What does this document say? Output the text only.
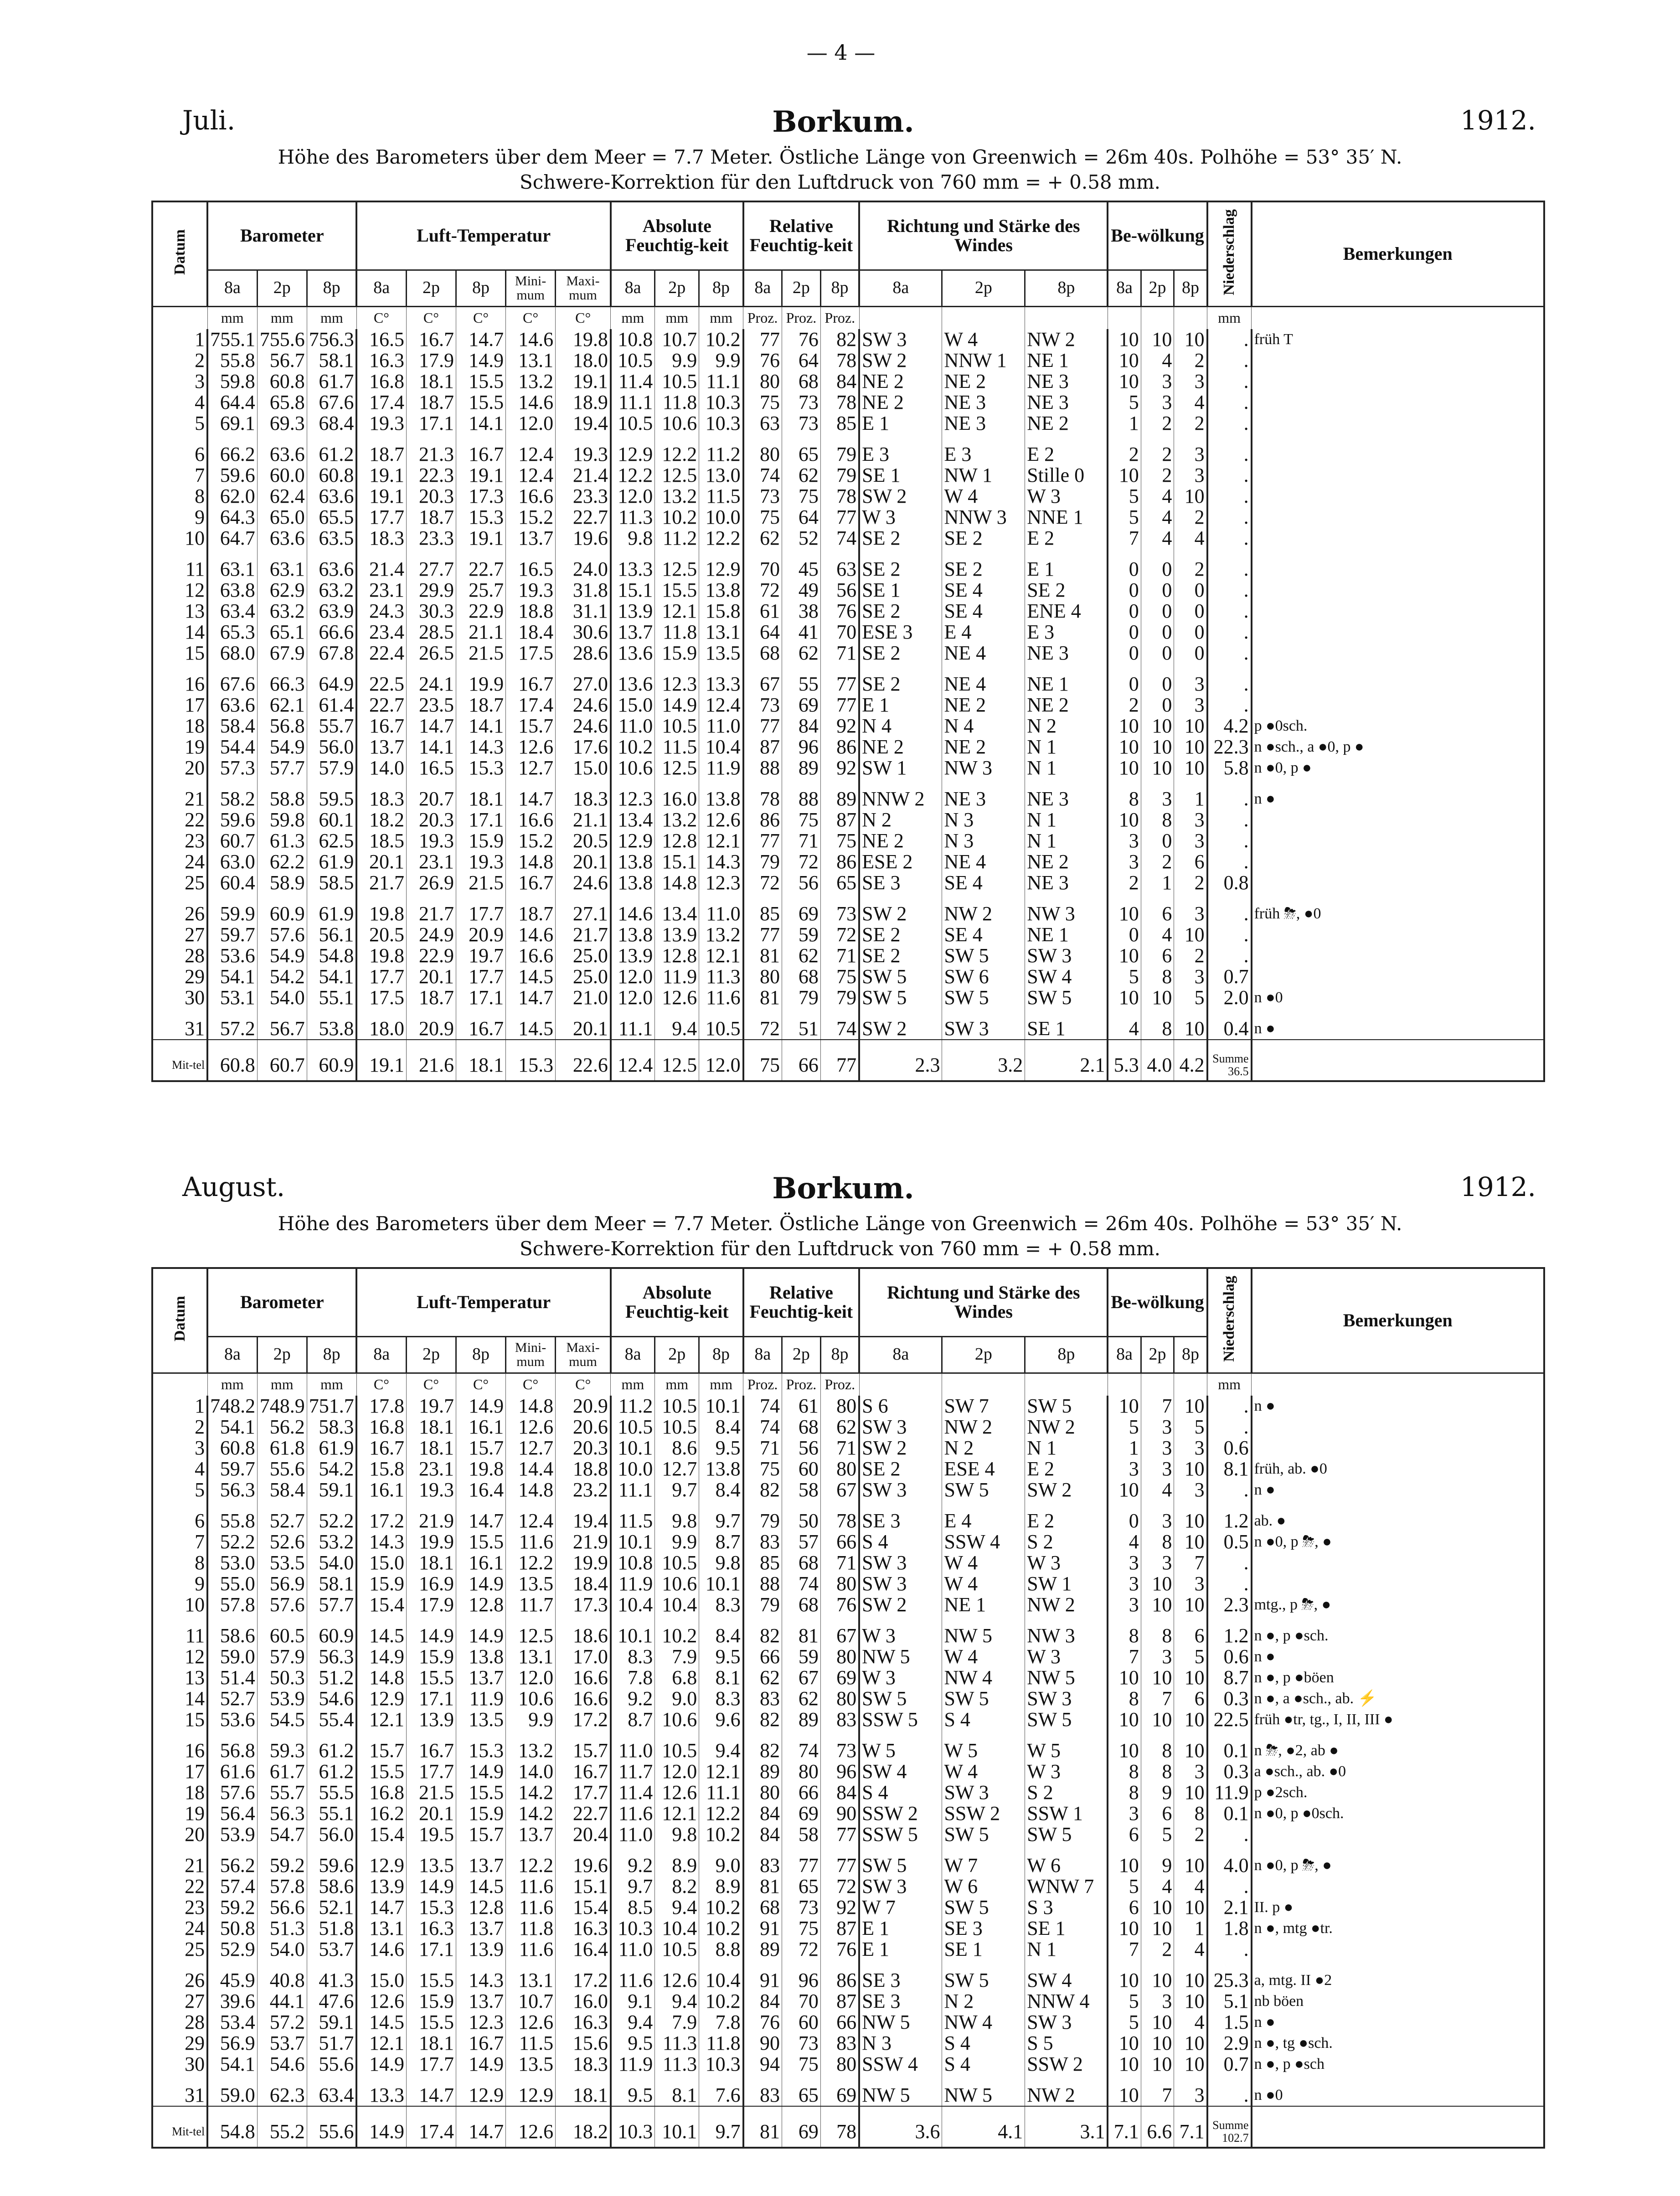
— 4 —
Juli.	Borkum.	1912.
Höhe des Barometers über dem Meer = 7.7 Meter. Östliche Länge von Greenwich = 26m 40s. Polhöhe = 53° 35′ N.
Schwere-Korrektion für den Luftdruck von 760 mm = + 0.58 mm.
Datum	Barometer			Luft-Temperatur					Absolute Feuchtig-keit			Relative Feuchtig-keit			Richtung und Stärke des Windes			Be-wölkung			Niederschlag	Bemerkungen
	8a	2p	8p	8a	2p	8p	Mini-mum	Maxi-mum	8a	2p	8p	8a	2p	8p	8a	2p	8p	8a	2p	8p		
	mm	mm	mm	C°	C°	C°	C°	C°	mm	mm	mm	Proz.	Proz.	Proz.							mm	
1	755.1	755.6	756.3	16.5	16.7	14.7	14.6	19.8	10.8	10.7	10.2	77	76	82	SW 3	W 4	NW 2	10	10	10	.	früh T
2	55.8	56.7	58.1	16.3	17.9	14.9	13.1	18.0	10.5	9.9	9.9	76	64	78	SW 2	NNW 1	NE 1	10	4	2	.	
3	59.8	60.8	61.7	16.8	18.1	15.5	13.2	19.1	11.4	10.5	11.1	80	68	84	NE 2	NE 2	NE 3	10	3	3	.	
4	64.4	65.8	67.6	17.4	18.7	15.5	14.6	18.9	11.1	11.8	10.3	75	73	78	NE 2	NE 3	NE 3	5	3	4	.	
5	69.1	69.3	68.4	19.3	17.1	14.1	12.0	19.4	10.5	10.6	10.3	63	73	85	E 1	NE 3	NE 2	1	2	2	.	
6	66.2	63.6	61.2	18.7	21.3	16.7	12.4	19.3	12.9	12.2	11.2	80	65	79	E 3	E 3	E 2	2	2	3	.	
7	59.6	60.0	60.8	19.1	22.3	19.1	12.4	21.4	12.2	12.5	13.0	74	62	79	SE 1	NW 1	Stille 0	10	2	3	.	
8	62.0	62.4	63.6	19.1	20.3	17.3	16.6	23.3	12.0	13.2	11.5	73	75	78	SW 2	W 4	W 3	5	4	10	.	
9	64.3	65.0	65.5	17.7	18.7	15.3	15.2	22.7	11.3	10.2	10.0	75	64	77	W 3	NNW 3	NNE 1	5	4	2	.	
10	64.7	63.6	63.5	18.3	23.3	19.1	13.7	19.6	9.8	11.2	12.2	62	52	74	SE 2	SE 2	E 2	7	4	4	.	
11	63.1	63.1	63.6	21.4	27.7	22.7	16.5	24.0	13.3	12.5	12.9	70	45	63	SE 2	SE 2	E 1	0	0	2	.	
12	63.8	62.9	63.2	23.1	29.9	25.7	19.3	31.8	15.1	15.5	13.8	72	49	56	SE 1	SE 4	SE 2	0	0	0	.	
13	63.4	63.2	63.9	24.3	30.3	22.9	18.8	31.1	13.9	12.1	15.8	61	38	76	SE 2	SE 4	ENE 4	0	0	0	.	
14	65.3	65.1	66.6	23.4	28.5	21.1	18.4	30.6	13.7	11.8	13.1	64	41	70	ESE 3	E 4	E 3	0	0	0	.	
15	68.0	67.9	67.8	22.4	26.5	21.5	17.5	28.6	13.6	15.9	13.5	68	62	71	SE 2	NE 4	NE 3	0	0	0	.	
16	67.6	66.3	64.9	22.5	24.1	19.9	16.7	27.0	13.6	12.3	13.3	67	55	77	SE 2	NE 4	NE 1	0	0	3	.	
17	63.6	62.1	61.4	22.7	23.5	18.7	17.4	24.6	15.0	14.9	12.4	73	69	77	E 1	NE 2	NE 2	2	0	3	.	
18	58.4	56.8	55.7	16.7	14.7	14.1	15.7	24.6	11.0	10.5	11.0	77	84	92	N 4	N 4	N 2	10	10	10	4.2	p ●0sch.
19	54.4	54.9	56.0	13.7	14.1	14.3	12.6	17.6	10.2	11.5	10.4	87	96	86	NE 2	NE 2	N 1	10	10	10	22.3	n ●sch., a ●0, p ●
20	57.3	57.7	57.9	14.0	16.5	15.3	12.7	15.0	10.6	12.5	11.9	88	89	92	SW 1	NW 3	N 1	10	10	10	5.8	n ●0, p ●
21	58.2	58.8	59.5	18.3	20.7	18.1	14.7	18.3	12.3	16.0	13.8	78	88	89	NNW 2	NE 3	NE 3	8	3	1	.	n ●
22	59.6	59.8	60.1	18.2	20.3	17.1	16.6	21.1	13.4	13.2	12.6	86	75	87	N 2	N 3	N 1	10	8	3	.	
23	60.7	61.3	62.5	18.5	19.3	15.9	15.2	20.5	12.9	12.8	12.1	77	71	75	NE 2	N 3	N 1	3	0	3	.	
24	63.0	62.2	61.9	20.1	23.1	19.3	14.8	20.1	13.8	15.1	14.3	79	72	86	ESE 2	NE 4	NE 2	3	2	6	.	
25	60.4	58.9	58.5	21.7	26.9	21.5	16.7	24.6	13.8	14.8	12.3	72	56	65	SE 3	SE 4	NE 3	2	1	2	0.8	
26	59.9	60.9	61.9	19.8	21.7	17.7	18.7	27.1	14.6	13.4	11.0	85	69	73	SW 2	NW 2	NW 3	10	6	3	.	früh ⛈, ●0
27	59.7	57.6	56.1	20.5	24.9	20.9	14.6	21.7	13.8	13.9	13.2	77	59	72	SE 2	SE 4	NE 1	0	4	10	.	
28	53.6	54.9	54.8	19.8	22.9	19.7	16.6	25.0	13.9	12.8	12.1	81	62	71	SE 2	SW 5	SW 3	10	6	2	.	
29	54.1	54.2	54.1	17.7	20.1	17.7	14.5	25.0	12.0	11.9	11.3	80	68	75	SW 5	SW 6	SW 4	5	8	3	0.7	
30	53.1	54.0	55.1	17.5	18.7	17.1	14.7	21.0	12.0	12.6	11.6	81	79	79	SW 5	SW 5	SW 5	10	10	5	2.0	n ●0
31	57.2	56.7	53.8	18.0	20.9	16.7	14.5	20.1	11.1	9.4	10.5	72	51	74	SW 2	SW 3	SE 1	4	8	10	0.4	n ●
Mit-tel	60.8	60.7	60.9	19.1	21.6	18.1	15.3	22.6	12.4	12.5	12.0	75	66	77	2.3	3.2	2.1	5.3	4.0	4.2	Summe 36.5	
August.	Borkum.	1912.
Höhe des Barometers über dem Meer = 7.7 Meter. Östliche Länge von Greenwich = 26m 40s. Polhöhe = 53° 35′ N.
Schwere-Korrektion für den Luftdruck von 760 mm = + 0.58 mm.
Datum	Barometer			Luft-Temperatur					Absolute Feuchtig-keit			Relative Feuchtig-keit			Richtung und Stärke des Windes			Be-wölkung			Niederschlag	Bemerkungen
	8a	2p	8p	8a	2p	8p	Mini-mum	Maxi-mum	8a	2p	8p	8a	2p	8p	8a	2p	8p	8a	2p	8p		
	mm	mm	mm	C°	C°	C°	C°	C°	mm	mm	mm	Proz.	Proz.	Proz.							mm	
1	748.2	748.9	751.7	17.8	19.7	14.9	14.8	20.9	11.2	10.5	10.1	74	61	80	S 6	SW 7	SW 5	10	7	10	.	n ●
2	54.1	56.2	58.3	16.8	18.1	16.1	12.6	20.6	10.5	10.5	8.4	74	68	62	SW 3	NW 2	NW 2	5	3	5	.	
3	60.8	61.8	61.9	16.7	18.1	15.7	12.7	20.3	10.1	8.6	9.5	71	56	71	SW 2	N 2	N 1	1	3	3	0.6	
4	59.7	55.6	54.2	15.8	23.1	19.8	14.4	18.8	10.0	12.7	13.8	75	60	80	SE 2	ESE 4	E 2	3	3	10	8.1	früh, ab. ●0
5	56.3	58.4	59.1	16.1	19.3	16.4	14.8	23.2	11.1	9.7	8.4	82	58	67	SW 3	SW 5	SW 2	10	4	3	.	n ●
6	55.8	52.7	52.2	17.2	21.9	14.7	12.4	19.4	11.5	9.8	9.7	79	50	78	SE 3	E 4	E 2	0	3	10	1.2	ab. ●
7	52.2	52.6	53.2	14.3	19.9	15.5	11.6	21.9	10.1	9.9	8.7	83	57	66	S 4	SSW 4	S 2	4	8	10	0.5	n ●0, p ⛈, ●
8	53.0	53.5	54.0	15.0	18.1	16.1	12.2	19.9	10.8	10.5	9.8	85	68	71	SW 3	W 4	W 3	3	3	7	.	
9	55.0	56.9	58.1	15.9	16.9	14.9	13.5	18.4	11.9	10.6	10.1	88	74	80	SW 3	W 4	SW 1	3	10	3	.	
10	57.8	57.6	57.7	15.4	17.9	12.8	11.7	17.3	10.4	10.4	8.3	79	68	76	SW 2	NE 1	NW 2	3	10	10	2.3	mtg., p ⛈, ●
11	58.6	60.5	60.9	14.5	14.9	14.9	12.5	18.6	10.1	10.2	8.4	82	81	67	W 3	NW 5	NW 3	8	8	6	1.2	n ●, p ●sch.
12	59.0	57.9	56.3	14.9	15.9	13.8	13.1	17.0	8.3	7.9	9.5	66	59	80	NW 5	W 4	W 3	7	3	5	0.6	n ●
13	51.4	50.3	51.2	14.8	15.5	13.7	12.0	16.6	7.8	6.8	8.1	62	67	69	W 3	NW 4	NW 5	10	10	10	8.7	n ●, p ●böen
14	52.7	53.9	54.6	12.9	17.1	11.9	10.6	16.6	9.2	9.0	8.3	83	62	80	SW 5	SW 5	SW 3	8	7	6	0.3	n ●, a ●sch., ab. ⚡
15	53.6	54.5	55.4	12.1	13.9	13.5	9.9	17.2	8.7	10.6	9.6	82	89	83	SSW 5	S 4	SW 5	10	10	10	22.5	früh ●tr, tg., I, II, III ●
16	56.8	59.3	61.2	15.7	16.7	15.3	13.2	15.7	11.0	10.5	9.4	82	74	73	W 5	W 5	W 5	10	8	10	0.1	n ⛈, ●2, ab ●
17	61.6	61.7	61.2	15.5	17.7	14.9	14.0	16.7	11.7	12.0	12.1	89	80	96	SW 4	W 4	W 3	8	8	3	0.3	a ●sch., ab. ●0
18	57.6	55.7	55.5	16.8	21.5	15.5	14.2	17.7	11.4	12.6	11.1	80	66	84	S 4	SW 3	S 2	8	9	10	11.9	p ●2sch.
19	56.4	56.3	55.1	16.2	20.1	15.9	14.2	22.7	11.6	12.1	12.2	84	69	90	SSW 2	SSW 2	SSW 1	3	6	8	0.1	n ●0, p ●0sch.
20	53.9	54.7	56.0	15.4	19.5	15.7	13.7	20.4	11.0	9.8	10.2	84	58	77	SSW 5	SW 5	SW 5	6	5	2	.	
21	56.2	59.2	59.6	12.9	13.5	13.7	12.2	19.6	9.2	8.9	9.0	83	77	77	SW 5	W 7	W 6	10	9	10	4.0	n ●0, p ⛈, ●
22	57.4	57.8	58.6	13.9	14.9	14.5	11.6	15.1	9.7	8.2	8.9	81	65	72	SW 3	W 6	WNW 7	5	4	4	.	
23	59.2	56.6	52.1	14.7	15.3	12.8	11.6	15.4	8.5	9.4	10.2	68	73	92	W 7	SW 5	S 3	6	10	10	2.1	II. p ●
24	50.8	51.3	51.8	13.1	16.3	13.7	11.8	16.3	10.3	10.4	10.2	91	75	87	E 1	SE 3	SE 1	10	10	1	1.8	n ●, mtg ●tr.
25	52.9	54.0	53.7	14.6	17.1	13.9	11.6	16.4	11.0	10.5	8.8	89	72	76	E 1	SE 1	N 1	7	2	4	.	
26	45.9	40.8	41.3	15.0	15.5	14.3	13.1	17.2	11.6	12.6	10.4	91	96	86	SE 3	SW 5	SW 4	10	10	10	25.3	a, mtg. II ●2
27	39.6	44.1	47.6	12.6	15.9	13.7	10.7	16.0	9.1	9.4	10.2	84	70	87	SE 3	N 2	NNW 4	5	3	10	5.1	nb böen
28	53.4	57.2	59.1	14.5	15.5	12.3	12.6	16.3	9.4	7.9	7.8	76	60	66	NW 5	NW 4	SW 3	5	10	4	1.5	n ●
29	56.9	53.7	51.7	12.1	18.1	16.7	11.5	15.6	9.5	11.3	11.8	90	73	83	N 3	S 4	S 5	10	10	10	2.9	n ●, tg ●sch.
30	54.1	54.6	55.6	14.9	17.7	14.9	13.5	18.3	11.9	11.3	10.3	94	75	80	SSW 4	S 4	SSW 2	10	10	10	0.7	n ●, p ●sch
31	59.0	62.3	63.4	13.3	14.7	12.9	12.9	18.1	9.5	8.1	7.6	83	65	69	NW 5	NW 5	NW 2	10	7	3	.	n ●0
Mit-tel	54.8	55.2	55.6	14.9	17.4	14.7	12.6	18.2	10.3	10.1	9.7	81	69	78	3.6	4.1	3.1	7.1	6.6	7.1	Summe 102.7	
